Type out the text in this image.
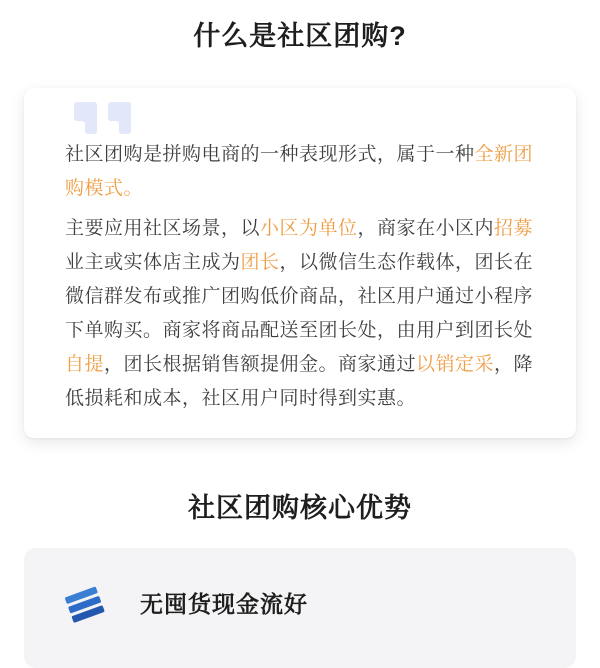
什么是社区团购?
社区团购是拼购电商的一种表现形式，属于一种全新团
购模式。
主要应用社区场景，以小区为单位，商家在小区内招募
业主或实体店主成为团长，以微信生态作载体，团长在
微信群发布或推广团购低价商品，社区用户通过小程序
下单购买。商家将商品配送至团长处，由用户到团长处
自提，团长根据销售额提佣金。商家通过以销定采，降
低损耗和成本，社区用户同时得到实惠。
社区团购核心优势
无囤货现金流好
